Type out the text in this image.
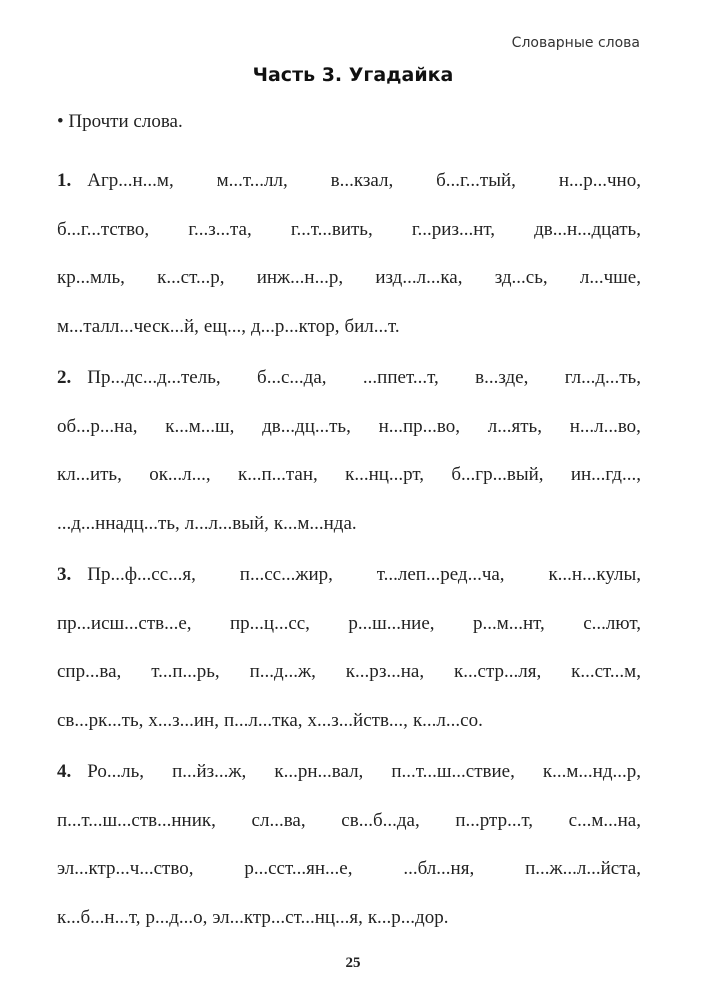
Словарные слова
Часть 3. Угадайка
• Прочти слова.
1. Агр...н...м, м...т...лл, в...кзал, б...г...тый, н...р...чно,
б...г...тство, г...з...та, г...т...вить, г...риз...нт, дв...н...дцать,
кр...мль, к...ст...р, инж...н...р, изд...л...ка, зд...сь, л...чше,
м...талл...ческ...й, ещ..., д...р...ктор, бил...т.
2. Пр...дс...д...тель, б...с...да, ...ппет...т, в...зде, гл...д...ть,
об...р...на, к...м...ш, дв...дц...ть, н...пр...во, л...ять, н...л...во,
кл...ить, ок...л..., к...п...тан, к...нц...рт, б...гр...вый, ин...гд...,
...д...ннадц...ть, л...л...вый, к...м...нда.
3. Пр...ф...сс...я, п...сс...жир, т...леп...ред...ча, к...н...кулы,
пр...исш...ств...е, пр...ц...сс, р...ш...ние, р...м...нт, с...лют,
спр...ва, т...п...рь, п...д...ж, к...рз...на, к...стр...ля, к...ст...м,
св...рк...ть, х...з...ин, п...л...тка, х...з...йств..., к...л...со.
4. Ро...ль, п...йз...ж, к...рн...вал, п...т...ш...ствие, к...м...нд...р,
п...т...ш...ств...нник, сл...ва, св...б...да, п...ртр...т, с...м...на,
эл...ктр...ч...ство,	р...сст...ян...е,	...бл...ня,	п...ж...л...йста,
к...б...н...т, р...д...о, эл...ктр...ст...нц...я, к...р...дор.
25
